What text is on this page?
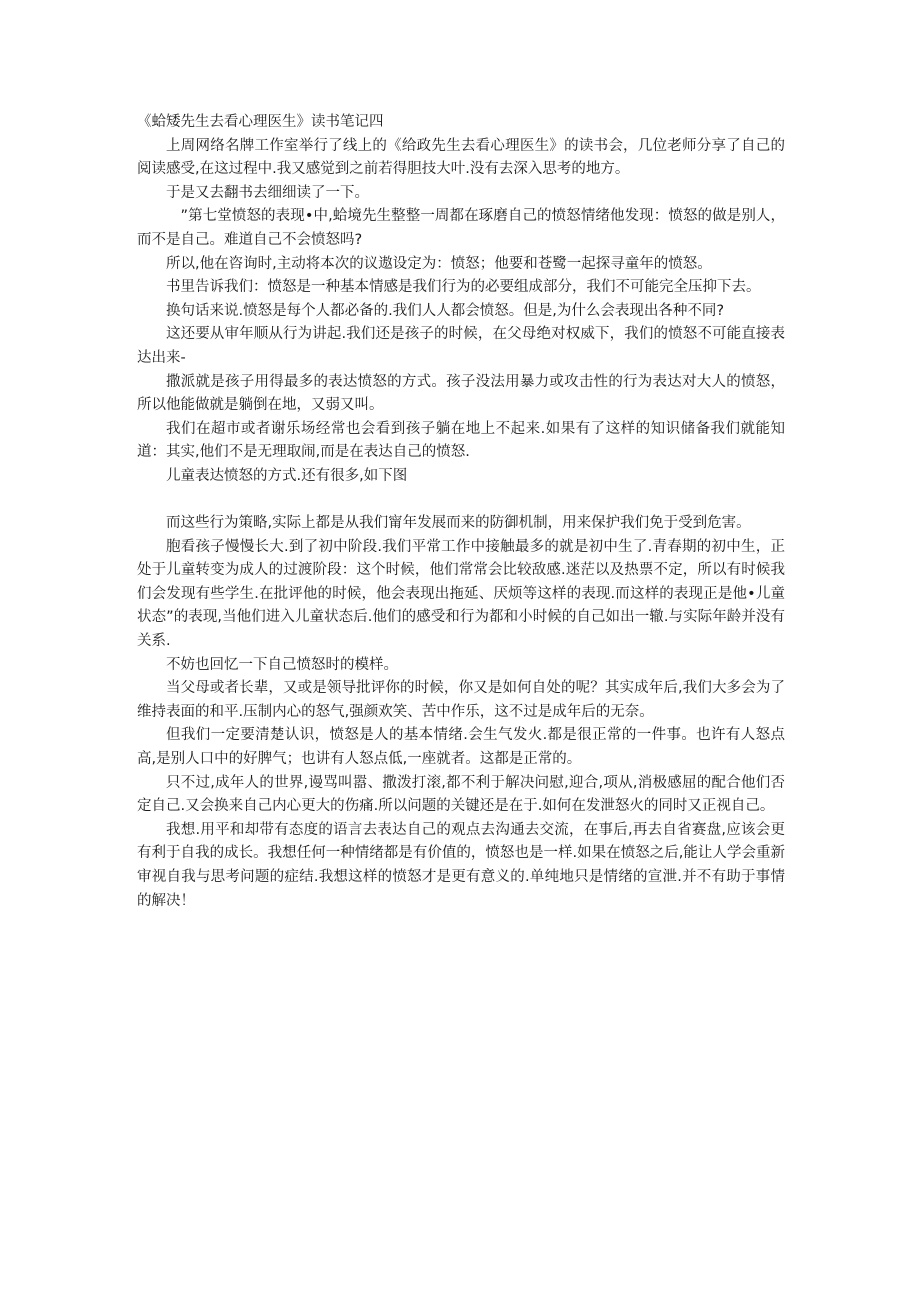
《蛤矮先生去看心理医生》读书笔记四

上周网络名牌工作室举行了线上的《给政先生去看心理医生》的读书会，几位老师分享了自己的阅读感受,在这过程中.我又感觉到之前若得胆技大叶.没有去深入思考的地方。

于是又去翻书去细细读了一下。

”第七堂愤怒的表现•中,蛤境先生整整一周都在琢磨自己的愤怒情绪他发现：愤怒的做是别人，而不是自己。难道自己不会愤怒吗?

所以,他在咨询时,主动将本次的议遨设定为：愤怒；他要和苍鹭一起探寻童年的愤怒。

书里告诉我们：愤怒是一种基本情感是我们行为的必要组成部分，我们不可能完全压抑下去。

换句话来说.愤怒是每个人都必备的.我们人人都会愤怒。但是,为什么会表现出各种不同?

这还要从审年顺从行为讲起.我们还是孩子的时候，在父母绝对权威下，我们的愤怒不可能直接表达出来-

撒派就是孩子用得最多的表达愤怒的方式。孩子没法用暴力或攻击性的行为表达对大人的愤怒，所以他能做就是躺倒在地，又弱又叫。

我们在超市或者谢乐场经常也会看到孩子躺在地上不起来.如果有了这样的知识储备我们就能知道：其实,他们不是无理取闹,而是在表达自己的愤怒.

儿童表达愤怒的方式.还有很多,如下图

而这些行为策略,实际上都是从我们甯年发展而来的防御机制，用来保护我们免于受到危害。

胞看孩子慢慢长大.到了初中阶段.我们平常工作中接触最多的就是初中生了.青春期的初中生，正处于儿童转变为成人的过渡阶段：这个时候，他们常常会比较敌感.迷茫以及热票不定，所以有时候我们会发现有些学生.在批评他的时候，他会表现出拖延、厌烦等这样的表现.而这样的表现正是他•儿童状态”的表现,当他们进入儿童状态后.他们的感受和行为都和小时候的自己如出一辙.与实际年龄并没有关系.

不妨也回忆一下自己愤怒时的模样。

当父母或者长辈，又或是领导批评你的时候，你又是如何自处的呢？其实成年后,我们大多会为了维持表面的和平.压制内心的怒气,强颜欢笑、苦中作乐，这不过是成年后的无奈。

但我们一定要清楚认识，愤怒是人的基本情绪.会生气发火.都是很正常的一件事。也许有人怒点高,是别人口中的好脾气；也讲有人怒点低,一座就者。这都是正常的。

只不过,成年人的世界,谩骂叫嚣、撒泼打滚,都不利于解决问慰,迎合,项从,消极感屈的配合他们否定自己.又会换来自己内心更大的伤痛.所以问题的关键还是在于.如何在发泄怒火的同时又正视自己。

我想.用平和却带有态度的语言去表达自己的观点去沟通去交流，在事后,再去自省赛盘,应该会更有利于自我的成长。我想任何一种情绪都是有价值的，愤怒也是一样.如果在愤怒之后,能让人学会重新审视自我与思考问题的症结.我想这样的愤怒才是更有意义的.单纯地只是情绪的宣泄.并不有助于事情的解决！
